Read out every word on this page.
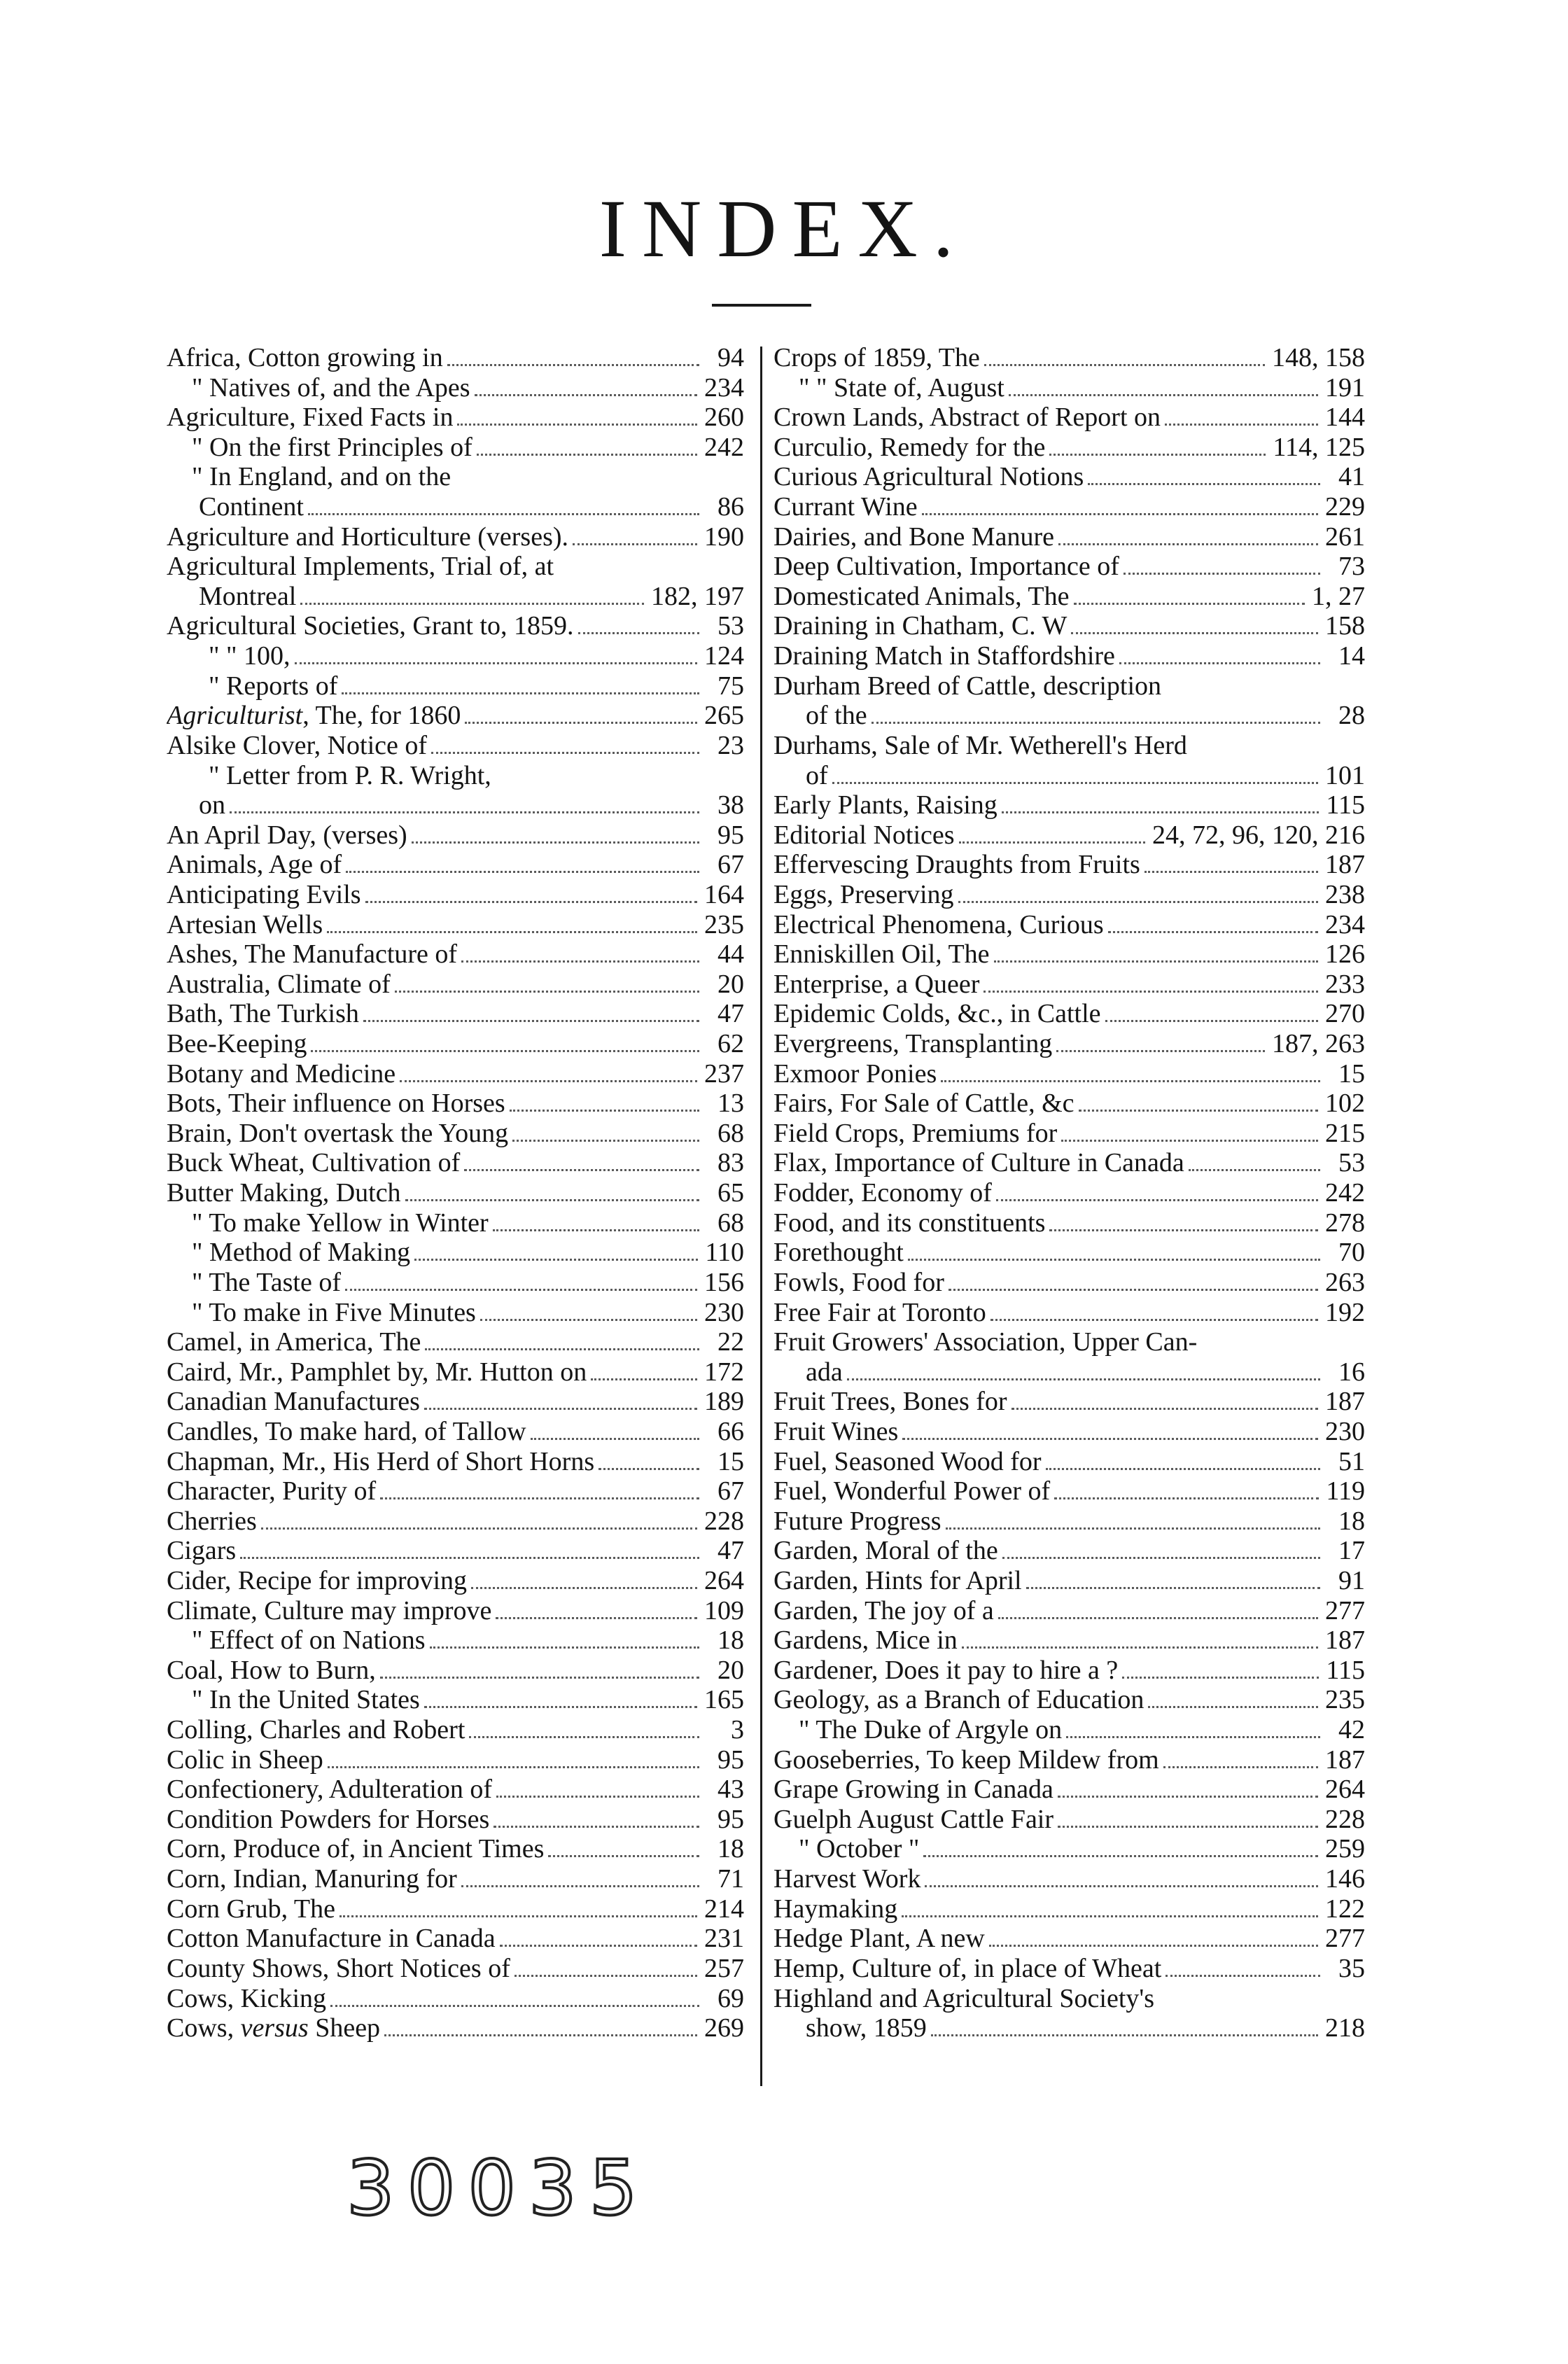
INDEX.
Africa, Cotton growing in	94
" Natives of, and the Apes	234
Agriculture, Fixed Facts in	260
" On the first Principles of	242
" In England, and on the
Continent	86
Agriculture and Horticulture (verses).	190
Agricultural Implements, Trial of, at
Montreal	182, 197
Agricultural Societies, Grant to, 1859.	53
" " 100,	124
" Reports of	75
Agriculturist, The, for 1860	265
Alsike Clover, Notice of	23
" Letter from P. R. Wright,
on	38
An April Day, (verses)	95
Animals, Age of	67
Anticipating Evils	164
Artesian Wells	235
Ashes, The Manufacture of	44
Australia, Climate of	20
Bath, The Turkish	47
Bee-Keeping	62
Botany and Medicine	237
Bots, Their influence on Horses	13
Brain, Don't overtask the Young	68
Buck Wheat, Cultivation of	83
Butter Making, Dutch	65
" To make Yellow in Winter	68
" Method of Making	110
" The Taste of	156
" To make in Five Minutes	230
Camel, in America, The	22
Caird, Mr., Pamphlet by, Mr. Hutton on	172
Canadian Manufactures	189
Candles, To make hard, of Tallow	66
Chapman, Mr., His Herd of Short Horns	15
Character, Purity of	67
Cherries	228
Cigars	47
Cider, Recipe for improving	264
Climate, Culture may improve	109
" Effect of on Nations	18
Coal, How to Burn,	20
" In the United States	165
Colling, Charles and Robert	3
Colic in Sheep	95
Confectionery, Adulteration of	43
Condition Powders for Horses	95
Corn, Produce of, in Ancient Times	18
Corn, Indian, Manuring for	71
Corn Grub, The	214
Cotton Manufacture in Canada	231
County Shows, Short Notices of	257
Cows, Kicking	69
Cows, versus Sheep	269
Crops of 1859, The	148, 158
" " State of, August	191
Crown Lands, Abstract of Report on	144
Curculio, Remedy for the	114, 125
Curious Agricultural Notions	41
Currant Wine	229
Dairies, and Bone Manure	261
Deep Cultivation, Importance of	73
Domesticated Animals, The	1, 27
Draining in Chatham, C. W	158
Draining Match in Staffordshire	14
Durham Breed of Cattle, description
of the	28
Durhams, Sale of Mr. Wetherell's Herd
of	101
Early Plants, Raising	115
Editorial Notices	24, 72, 96, 120, 216
Effervescing Draughts from Fruits	187
Eggs, Preserving	238
Electrical Phenomena, Curious	234
Enniskillen Oil, The	126
Enterprise, a Queer	233
Epidemic Colds, &c., in Cattle	270
Evergreens, Transplanting	187, 263
Exmoor Ponies	15
Fairs, For Sale of Cattle, &c	102
Field Crops, Premiums for	215
Flax, Importance of Culture in Canada	53
Fodder, Economy of	242
Food, and its constituents	278
Forethought	70
Fowls, Food for	263
Free Fair at Toronto	192
Fruit Growers' Association, Upper Can-
ada	16
Fruit Trees, Bones for	187
Fruit Wines	230
Fuel, Seasoned Wood for	51
Fuel, Wonderful Power of	119
Future Progress	18
Garden, Moral of the	17
Garden, Hints for April	91
Garden, The joy of a	277
Gardens, Mice in	187
Gardener, Does it pay to hire a ?	115
Geology, as a Branch of Education	235
" The Duke of Argyle on	42
Gooseberries, To keep Mildew from	187
Grape Growing in Canada	264
Guelph August Cattle Fair	228
" October "	259
Harvest Work	146
Haymaking	122
Hedge Plant, A new	277
Hemp, Culture of, in place of Wheat	35
Highland and Agricultural Society's
show, 1859	218
30035
